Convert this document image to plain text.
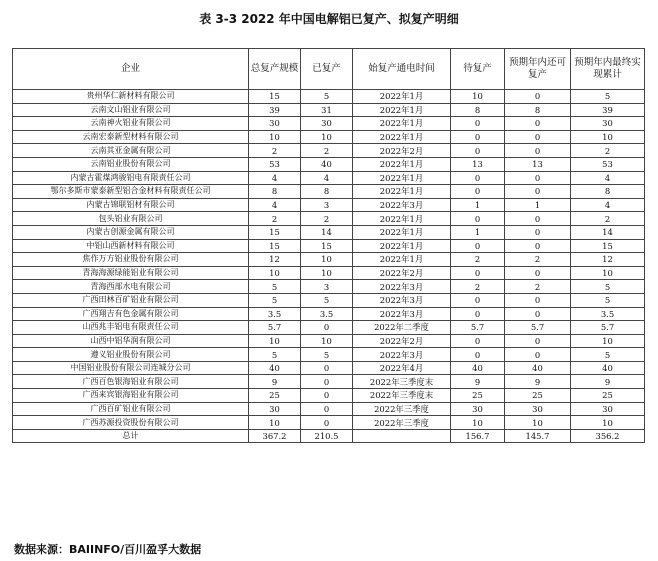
表 3-3 2022 年中国电解铝已复产、拟复产明细
企业	总复产规模	已复产	始复产通电时间	待复产	预期年内还可复产	预期年内最终实现累计
贵州华仁新材料有限公司	15	5	2022年1月	10	0	5
云南文山铝业有限公司	39	31	2022年1月	8	8	39
云南神火铝业有限公司	30	30	2022年1月	0	0	30
云南宏泰新型材料有限公司	10	10	2022年1月	0	0	10
云南其亚金属有限公司	2	2	2022年2月	0	0	2
云南铝业股份有限公司	53	40	2022年1月	13	13	53
内蒙古霍煤鸿骏铝电有限责任公司	4	4	2022年1月	0	0	4
鄂尔多斯市蒙泰新型铝合金材料有限责任公司	8	8	2022年1月	0	0	8
内蒙古锦联铝材有限公司	4	3	2022年3月	1	1	4
包头铝业有限公司	2	2	2022年1月	0	0	2
内蒙古创源金属有限公司	15	14	2022年1月	1	0	14
中铝山西新材料有限公司	15	15	2022年1月	0	0	15
焦作万方铝业股份有限公司	12	10	2022年1月	2	2	12
青海海源绿能铝业有限公司	10	10	2022年2月	0	0	10
青海西部水电有限公司	5	3	2022年3月	2	2	5
广西田林百矿铝业有限公司	5	5	2022年3月	0	0	5
广西翔吉有色金属有限公司	3.5	3.5	2022年3月	0	0	3.5
山西兆丰铝电有限责任公司	5.7	0	2022年二季度	5.7	5.7	5.7
山西中铝华润有限公司	10	10	2022年2月	0	0	10
遵义铝业股份有限公司	5	5	2022年3月	0	0	5
中国铝业股份有限公司连城分公司	40	0	2022年4月	40	40	40
广西百色银海铝业有限公司	9	0	2022年三季度末	9	9	9
广西来宾银海铝业有限公司	25	0	2022年三季度末	25	25	25
广西百矿铝业有限公司	30	0	2022年三季度	30	30	30
广西苏源投资股份有限公司	10	0	2022年三季度	10	10	10
总计	367.2	210.5		156.7	145.7	356.2
数据来源：BAIINFO/百川盈孚大数据
